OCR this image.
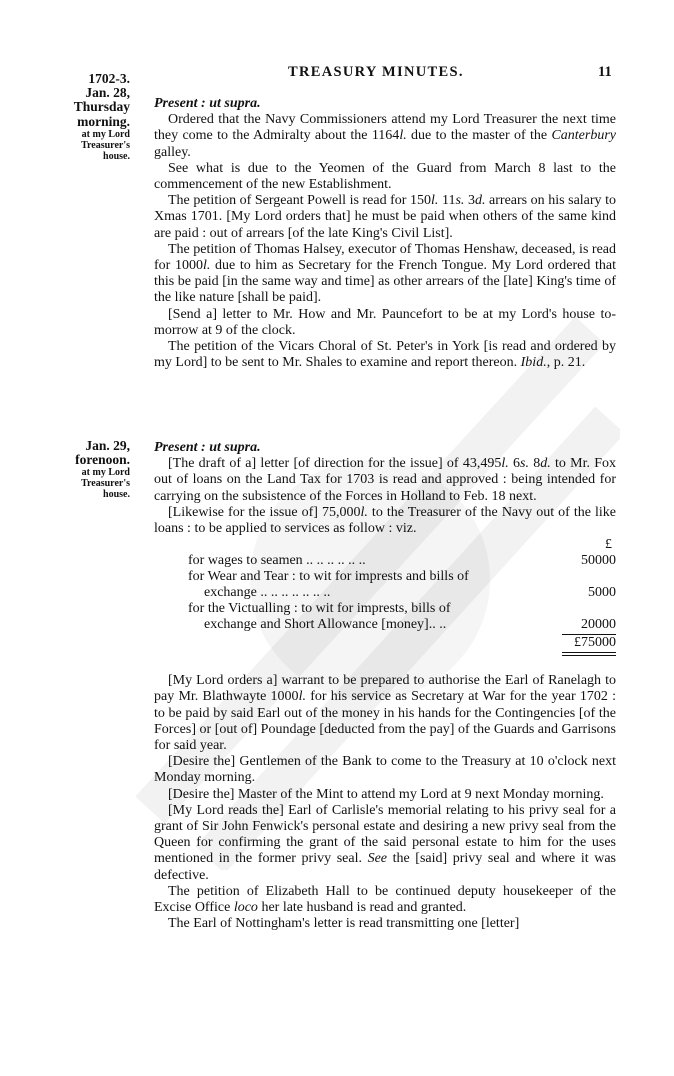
TREASURY MINUTES.	11
1702-3.
Jan. 28,
Thursday
morning.
at my Lord
Treasurer's
house.
Jan. 29,
forenoon.
at my Lord
Treasurer's
house.

Present : ut supra.

Ordered that the Navy Commissioners attend my Lord Treasurer the next time they come to the Admiralty about the 1164l. due to the master of the Canterbury galley.

See what is due to the Yeomen of the Guard from March 8 last to the commencement of the new Establishment.

The petition of Sergeant Powell is read for 150l. 11s. 3d. arrears on his salary to Xmas 1701. [My Lord orders that] he must be paid when others of the same kind are paid : out of arrears [of the late King's Civil List].

The petition of Thomas Halsey, executor of Thomas Henshaw, deceased, is read for 1000l. due to him as Secretary for the French Tongue. My Lord ordered that this be paid [in the same way and time] as other arrears of the [late] King's time of the like nature [shall be paid].

[Send a] letter to Mr. How and Mr. Pauncefort to be at my Lord's house to-morrow at 9 of the clock.

The petition of the Vicars Choral of St. Peter's in York [is read and ordered by my Lord] to be sent to Mr. Shales to examine and report thereon. Ibid., p. 21.

Present : ut supra.

[The draft of a] letter [of direction for the issue] of 43,495l. 6s. 8d. to Mr. Fox out of loans on the Land Tax for 1703 is read and approved : being intended for carrying on the subsistence of the Forces in Holland to Feb. 18 next.

[Likewise for the issue of] 75,000l. to the Treasurer of the Navy out of the like loans : to be applied to services as follow : viz.

£
for wages to seamen .. .. .. .. .. ..	50000
for Wear and Tear : to wit for imprests and bills of
exchange .. .. .. .. .. .. ..	5000
for the Victualling : to wit for imprests, bills of
exchange and Short Allowance [money].. ..	20000
£75000

[My Lord orders a] warrant to be prepared to authorise the Earl of Ranelagh to pay Mr. Blathwayte 1000l. for his service as Secretary at War for the year 1702 : to be paid by said Earl out of the money in his hands for the Contingencies [of the Forces] or [out of] Poundage [deducted from the pay] of the Guards and Garrisons for said year.

[Desire the] Gentlemen of the Bank to come to the Treasury at 10 o'clock next Monday morning.

[Desire the] Master of the Mint to attend my Lord at 9 next Monday morning.

[My Lord reads the] Earl of Carlisle's memorial relating to his privy seal for a grant of Sir John Fenwick's personal estate and desiring a new privy seal from the Queen for confirming the grant of the said personal estate to him for the uses mentioned in the former privy seal. See the [said] privy seal and where it was defective.

The petition of Elizabeth Hall to be continued deputy housekeeper of the Excise Office loco her late husband is read and granted.

The Earl of Nottingham's letter is read transmitting one [letter]
